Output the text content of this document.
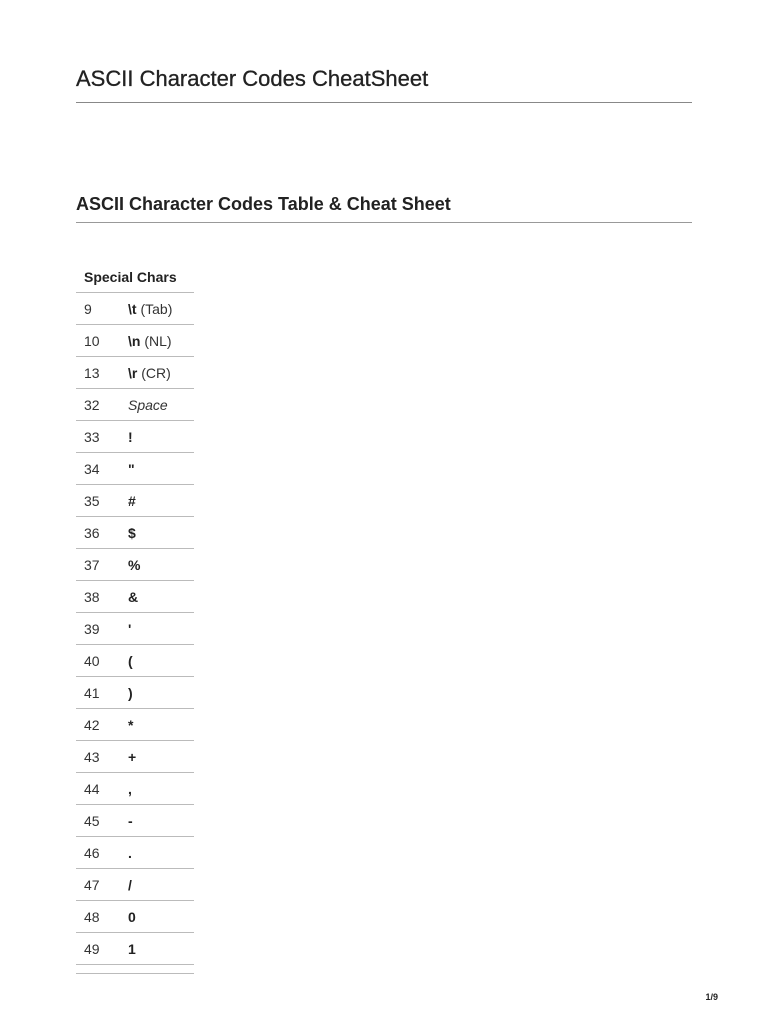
ASCII Character Codes CheatSheet
ASCII Character Codes Table & Cheat Sheet
Special Chars	
9	\t (Tab)
10	\n (NL)
13	\r (CR)
32	Space
33	!
34	"
35	#
36	$
37	%
38	&
39	'
40	(
41	)
42	*
43	+
44	,
45	-
46	.
47	/
48	0
49	1

1/9
